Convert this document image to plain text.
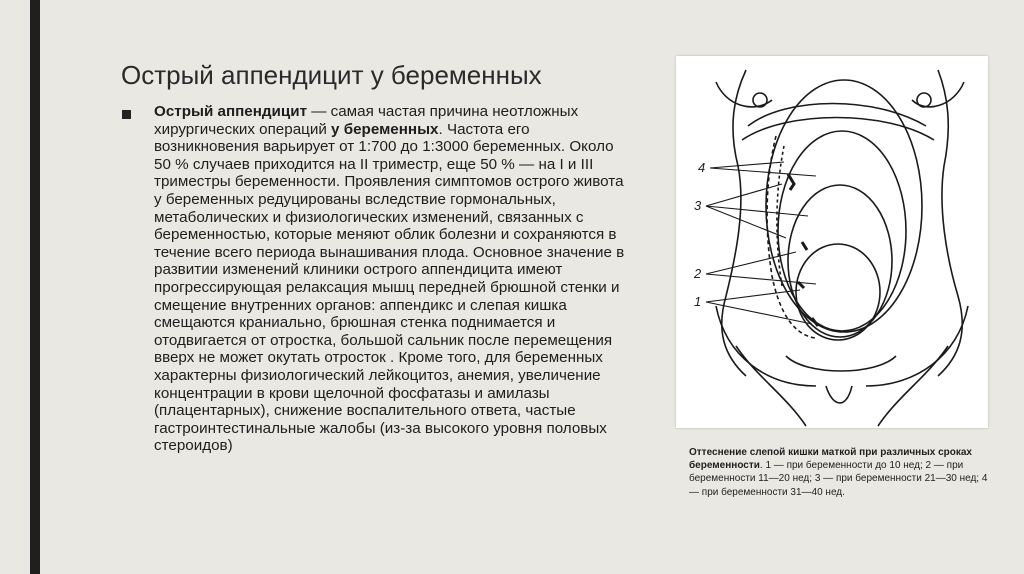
Острый аппендицит у беременных
Острый аппендицит — самая частая причина неотложных хирургических операций у беременных. Частота его возникновения варьирует от 1:700 до 1:3000 беременных. Около 50 % случаев приходится на II триместр, еще 50 % — на I и III триместры беременности. Проявления симптомов острого живота у беременных редуцированы вследствие гормональных, метаболических и физиологических изменений, связанных с беременностью, которые меняют облик болезни и сохраняются в течение всего периода вынашивания плода. Основное значение в развитии изменений клиники острого аппендицита имеют прогрессирующая релаксация мышц передней брюшной стенки и смещение внутренних органов: аппендикс и слепая кишка смещаются краниально, брюшная стенка поднимается и отодвигается от отростка, большой сальник после перемещения вверх не может окутать отросток . Кроме того, для беременных характерны физиологический лейкоцитоз, анемия, увеличение концентрации в крови щелочной фосфатазы и амилазы (плацентарных), снижение воспалительного ответа, частые гастроинтестинальные жалобы (из-за высокого уровня половых стероидов)
4
3
2
1
Оттеснение слепой кишки маткой при различных сроках беременности. 1 — при беременности до 10 нед; 2 — при беременности 11—20 нед; 3 — при беременности 21—30 нед; 4 — при беременности 31—40 нед.
